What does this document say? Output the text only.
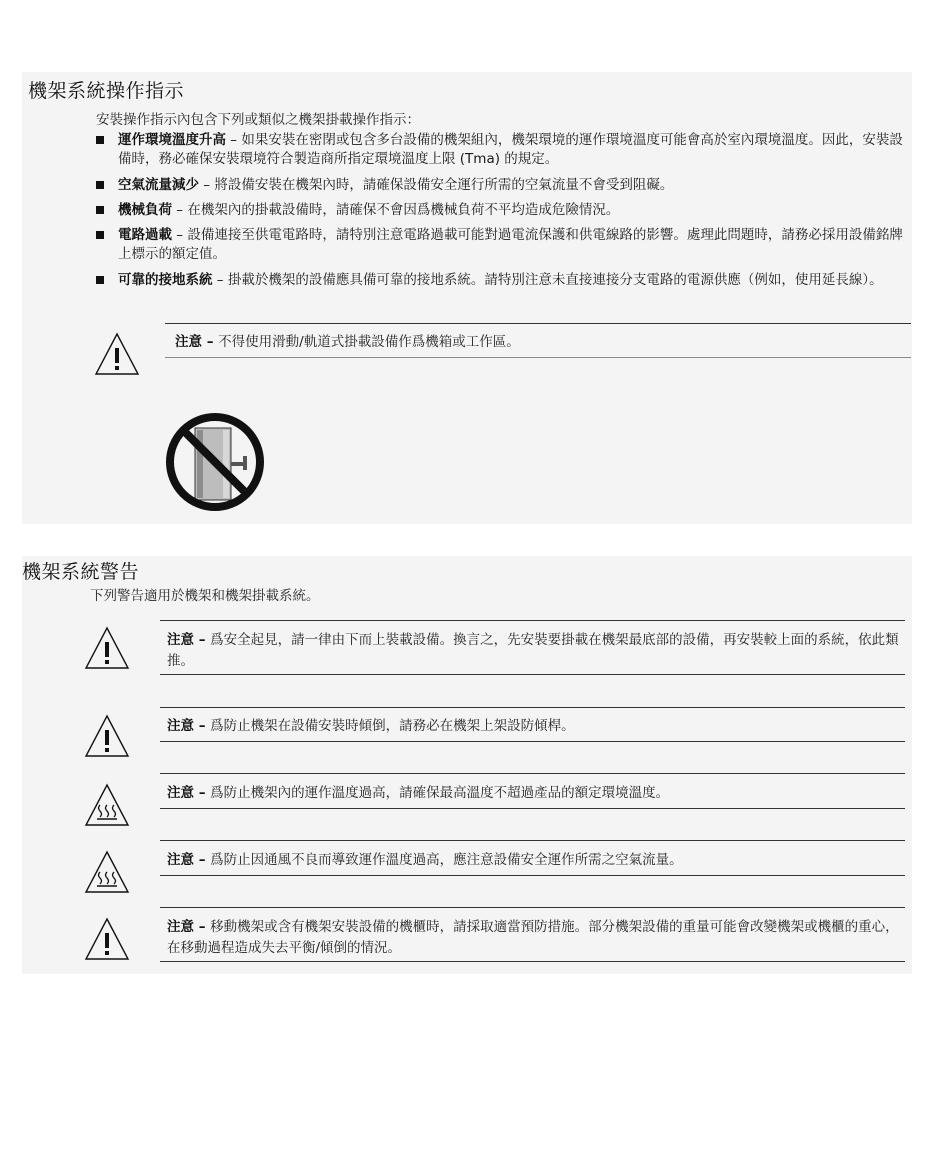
機架系統操作指示
安裝操作指示內包含下列或類似之機架掛載操作指示：
運作環境溫度升高 – 如果安裝在密閉或包含多台設備的機架組內，機架環境的運作環境溫度可能會高於室內環境溫度。因此，安裝設備時，務必確保安裝環境符合製造商所指定環境溫度上限 (Tma) 的規定。
空氣流量減少 – 將設備安裝在機架內時，請確保設備安全運行所需的空氣流量不會受到阻礙。
機械負荷 – 在機架內的掛載設備時，請確保不會因爲機械負荷不平均造成危險情況。
電路過載 – 設備連接至供電電路時，請特別注意電路過載可能對過電流保護和供電線路的影響。處理此問題時，請務必採用設備銘牌上標示的額定值。
可靠的接地系統 – 掛載於機架的設備應具備可靠的接地系統。請特別注意未直接連接分支電路的電源供應（例如，使用延長線）。
注意 – 不得使用滑動/軌道式掛載設備作爲機箱或工作區。
機架系統警告
下列警告適用於機架和機架掛載系統。
注意 – 爲安全起見，請一律由下而上裝載設備。換言之，先安裝要掛載在機架最底部的設備，再安裝較上面的系統，依此類推。
注意 – 爲防止機架在設備安裝時傾倒，請務必在機架上架設防傾桿。
注意 – 爲防止機架內的運作溫度過高，請確保最高溫度不超過產品的額定環境溫度。
注意 – 爲防止因通風不良而導致運作溫度過高，應注意設備安全運作所需之空氣流量。
注意 – 移動機架或含有機架安裝設備的機櫃時，請採取適當預防措施。部分機架設備的重量可能會改變機架或機櫃的重心，在移動過程造成失去平衡/傾倒的情況。
